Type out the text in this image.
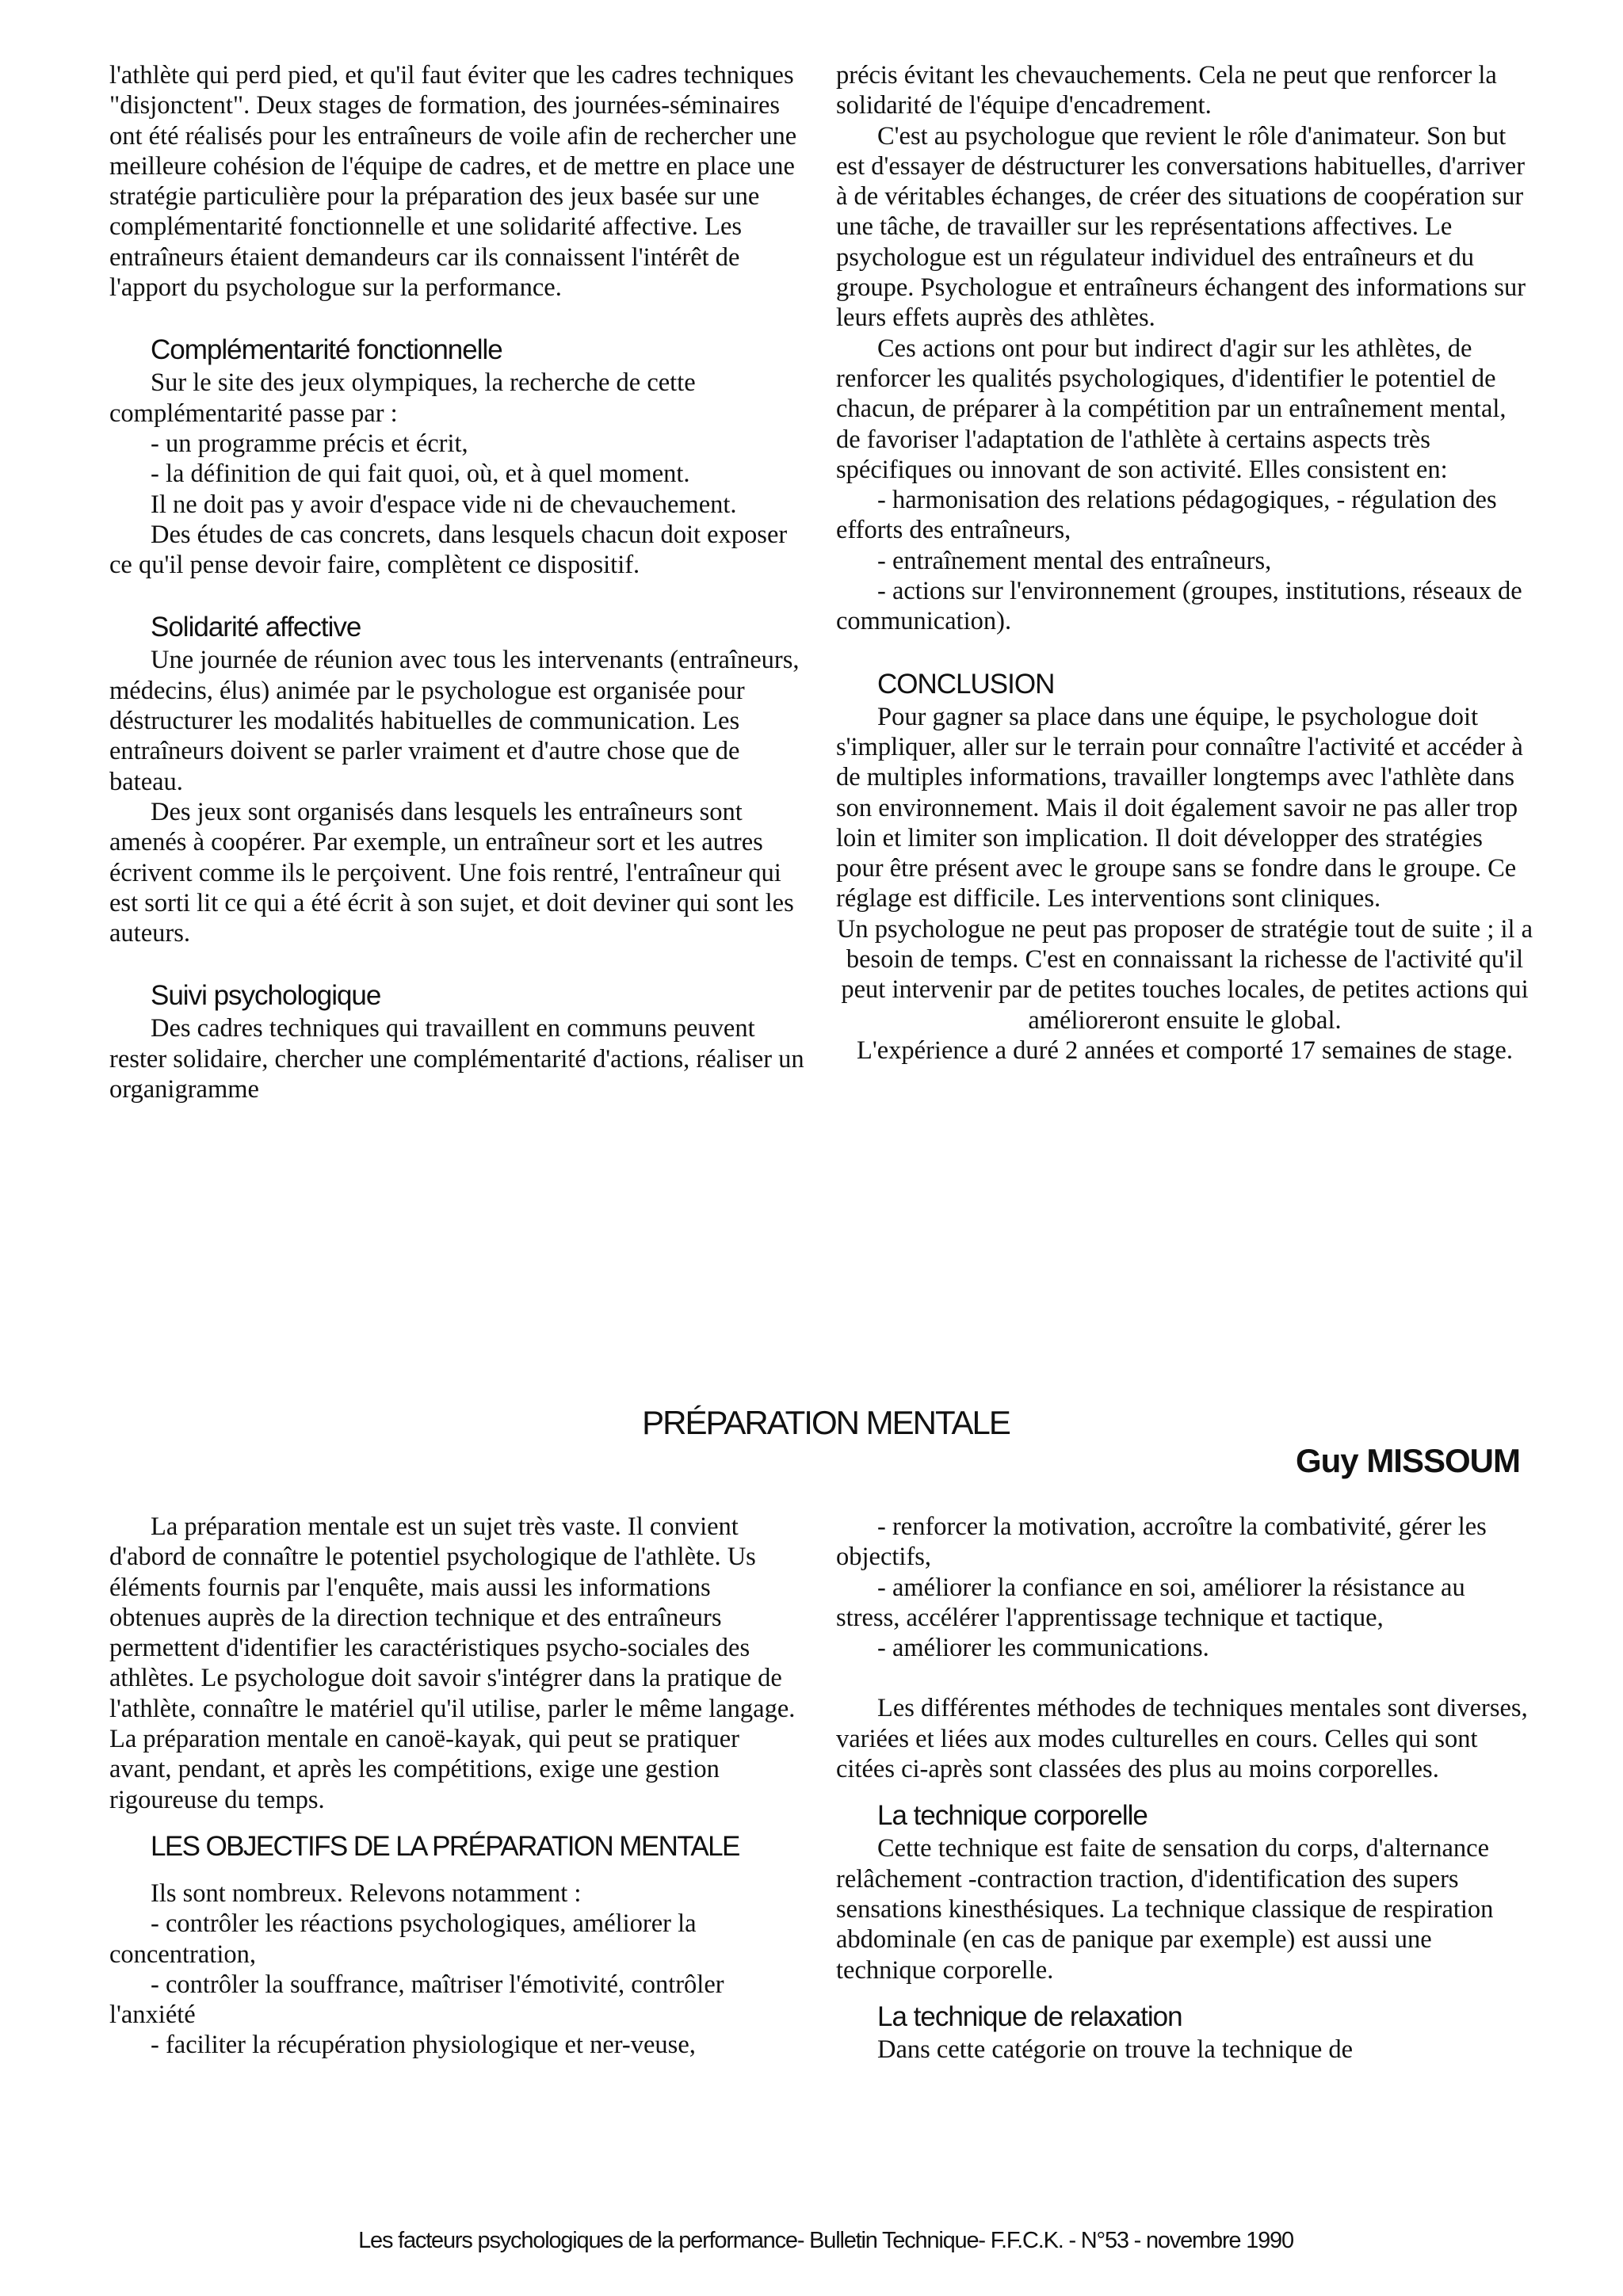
l'athlète qui perd pied, et qu'il faut éviter que les cadres techniques "disjonctent". Deux stages de formation, des journées-séminaires ont été réalisés pour les entraîneurs de voile afin de rechercher une meilleure cohésion de l'équipe de cadres, et de mettre en place une stratégie particulière pour la préparation des jeux basée sur une complémentarité fonctionnelle et une solidarité affective. Les entraîneurs étaient demandeurs car ils connaissent l'intérêt de l'apport du psychologue sur la performance.

Complémentarité fonctionnelle

Sur le site des jeux olympiques, la recherche de cette complémentarité passe par :

- un programme précis et écrit,

- la définition de qui fait quoi, où, et à quel moment.

Il ne doit pas y avoir d'espace vide ni de chevauchement.

Des études de cas concrets, dans lesquels chacun doit exposer ce qu'il pense devoir faire, complètent ce dispositif.

Solidarité affective

Une journée de réunion avec tous les intervenants (entraîneurs, médecins, élus) animée par le psychologue est organisée pour déstructurer les modalités habituelles de communication. Les entraîneurs doivent se parler vraiment et d'autre chose que de bateau.

Des jeux sont organisés dans lesquels les entraîneurs sont amenés à coopérer. Par exemple, un entraîneur sort et les autres écrivent comme ils le perçoivent. Une fois rentré, l'entraîneur qui est sorti lit ce qui a été écrit à son sujet, et doit deviner qui sont les auteurs.

Suivi psychologique

Des cadres techniques qui travaillent en communs peuvent rester solidaire, chercher une complémentarité d'actions, réaliser un organigramme

précis évitant les chevauchements. Cela ne peut que renforcer la solidarité de l'équipe d'encadrement.

C'est au psychologue que revient le rôle d'animateur. Son but est d'essayer de déstructurer les conversations habituelles, d'arriver à de véritables échanges, de créer des situations de coopération sur une tâche, de travailler sur les représentations affectives. Le psychologue est un régulateur individuel des entraîneurs et du groupe. Psychologue et entraîneurs échangent des informations sur leurs effets auprès des athlètes.

Ces actions ont pour but indirect d'agir sur les athlètes, de renforcer les qualités psychologiques, d'identifier le potentiel de chacun, de préparer à la compétition par un entraînement mental, de favoriser l'adaptation de l'athlète à certains aspects très spécifiques ou innovant de son activité. Elles consistent en:

- harmonisation des relations pédagogiques, - régulation des efforts des entraîneurs,

- entraînement mental des entraîneurs,

- actions sur l'environnement (groupes, institutions, réseaux de communication).

CONCLUSION

Pour gagner sa place dans une équipe, le psychologue doit s'impliquer, aller sur le terrain pour connaître l'activité et accéder à de multiples informations, travailler longtemps avec l'athlète dans son environnement. Mais il doit également savoir ne pas aller trop loin et limiter son implication. Il doit développer des stratégies pour être présent avec le groupe sans se fondre dans le groupe. Ce réglage est difficile. Les interventions sont cliniques.

Un psychologue ne peut pas proposer de stratégie tout de suite ; il a besoin de temps. C'est en connaissant la richesse de l'activité qu'il peut intervenir par de petites touches locales, de petites actions qui amélioreront ensuite le global.

L'expérience a duré 2 années et comporté 17 semaines de stage.

PRÉPARATION MENTALE
Guy MISSOUM

La préparation mentale est un sujet très vaste. Il convient d'abord de connaître le potentiel psychologique de l'athlète. Us éléments fournis par l'enquête, mais aussi les informations obtenues auprès de la direction technique et des entraîneurs permettent d'identifier les caractéristiques psycho-sociales des athlètes. Le psychologue doit savoir s'intégrer dans la pratique de l'athlète, connaître le matériel qu'il utilise, parler le même langage. La préparation mentale en canoë-kayak, qui peut se pratiquer avant, pendant, et après les compétitions, exige une gestion rigoureuse du temps.

LES OBJECTIFS DE LA PRÉPARATION MENTALE

Ils sont nombreux. Relevons notamment :

- contrôler les réactions psychologiques, améliorer la concentration,

- contrôler la souffrance, maîtriser l'émotivité, contrôler l'anxiété

- faciliter la récupération physiologique et ner-veuse,

- renforcer la motivation, accroître la combativité, gérer les objectifs,

- améliorer la confiance en soi, améliorer la résistance au stress, accélérer l'apprentissage technique et tactique,

- améliorer les communications.

Les différentes méthodes de techniques mentales sont diverses, variées et liées aux modes culturelles en cours. Celles qui sont citées ci-après sont classées des plus au moins corporelles.

La technique corporelle

Cette technique est faite de sensation du corps, d'alternance relâchement -contraction traction, d'identification des supers sensations kinesthésiques. La technique classique de respiration abdominale (en cas de panique par exemple) est aussi une technique corporelle.

La technique de relaxation

Dans cette catégorie on trouve la technique de

Les facteurs psychologiques de la performance- Bulletin Technique- F.F.C.K. - N°53 - novembre 1990
